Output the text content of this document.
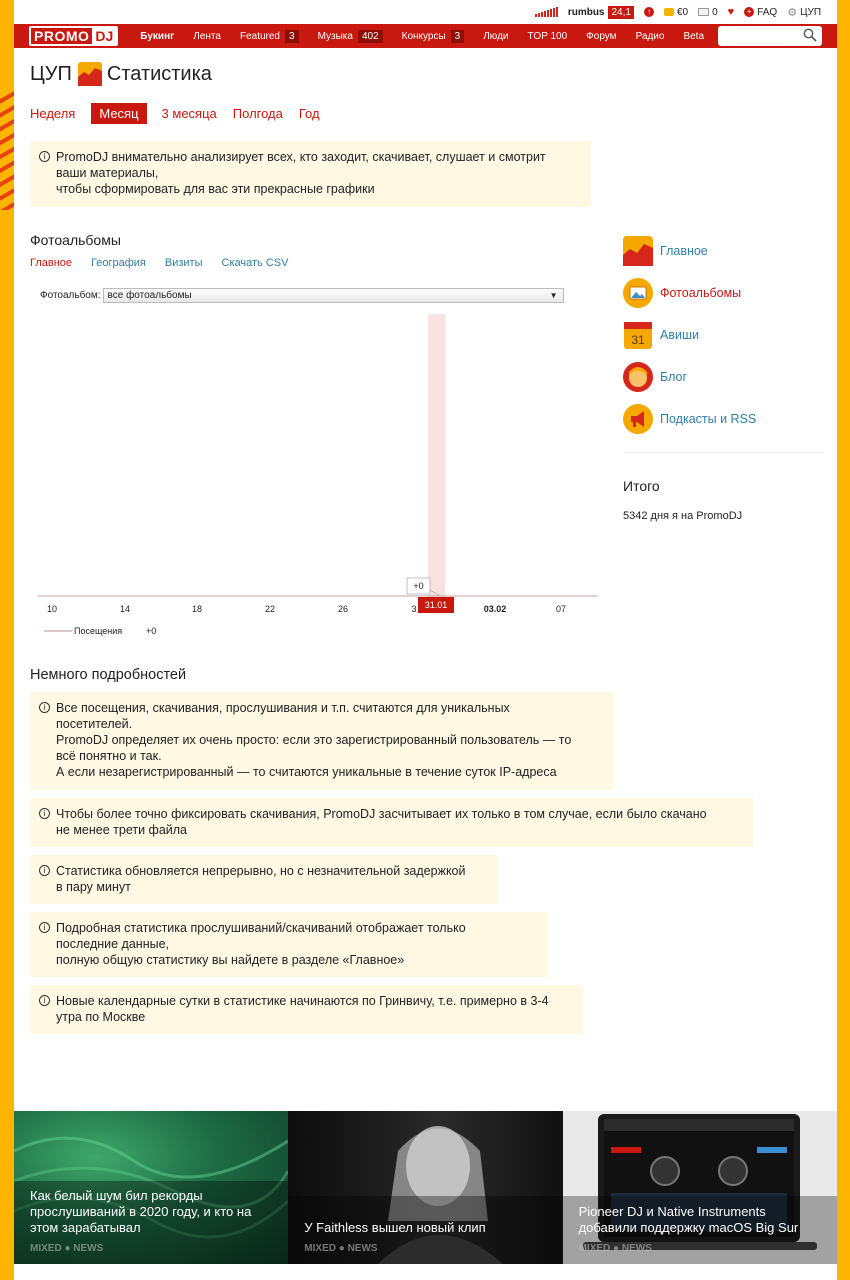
rumbus 24,1	↑	€0 0 ♥	+ FAQ ⚙ ЦУП
PROMO DJ	Букинг Лента Featured 3	Музыка 402	Конкурсы 3	Люди TOP 100 Форум Радио Beta
ЦУП Статистика
Неделя	Месяц	3 месяца Полгода Год
i PromoDJ внимательно анализирует всех, кто заходит, скачивает, слушает и смотрит
ваши материалы,
чтобы сформировать для вас эти прекрасные графики
Фотоальбомы
Главное География Визиты Скачать CSV
Фотоальбом: все фотоальбомы	▼
10	14	18	22	26	3	03.02	07
+0
31.01
Посещения	+0
Главное
Фотоальбомы
31 Авиши
Блог
Подкасты и RSS
Итого
5342 дня я на PromoDJ
Немного подробностей
i Все посещения, скачивания, прослушивания и т.п. считаются для уникальных
посетителей.
PromoDJ определяет их очень просто: если это зарегистрированный пользователь — то
всё понятно и так.
А если незарегистрированный — то считаются уникальные в течение суток IP-адреса
i Чтобы более точно фиксировать скачивания, PromoDJ засчитывает их только в том случае, если было скачано
не менее трети файла
i Статистика обновляется непрерывно, но с незначительной задержкой
в пару минут
i Подробная статистика прослушиваний/скачиваний отображает только
последние данные,
полную общую статистику вы найдете в разделе «Главное»
i Новые календарные сутки в статистике начинаются по Гринвичу, т.е. примерно в 3-4
утра по Москве
Как белый шум бил рекорды прослушиваний в 2020 году, и кто на этом зарабатывал
MIXED ● NEWS
У Faithless вышел новый клип
MIXED ● NEWS
Pioneer DJ и Native Instruments добавили поддержку macOS Big Sur
MIXED ● NEWS
